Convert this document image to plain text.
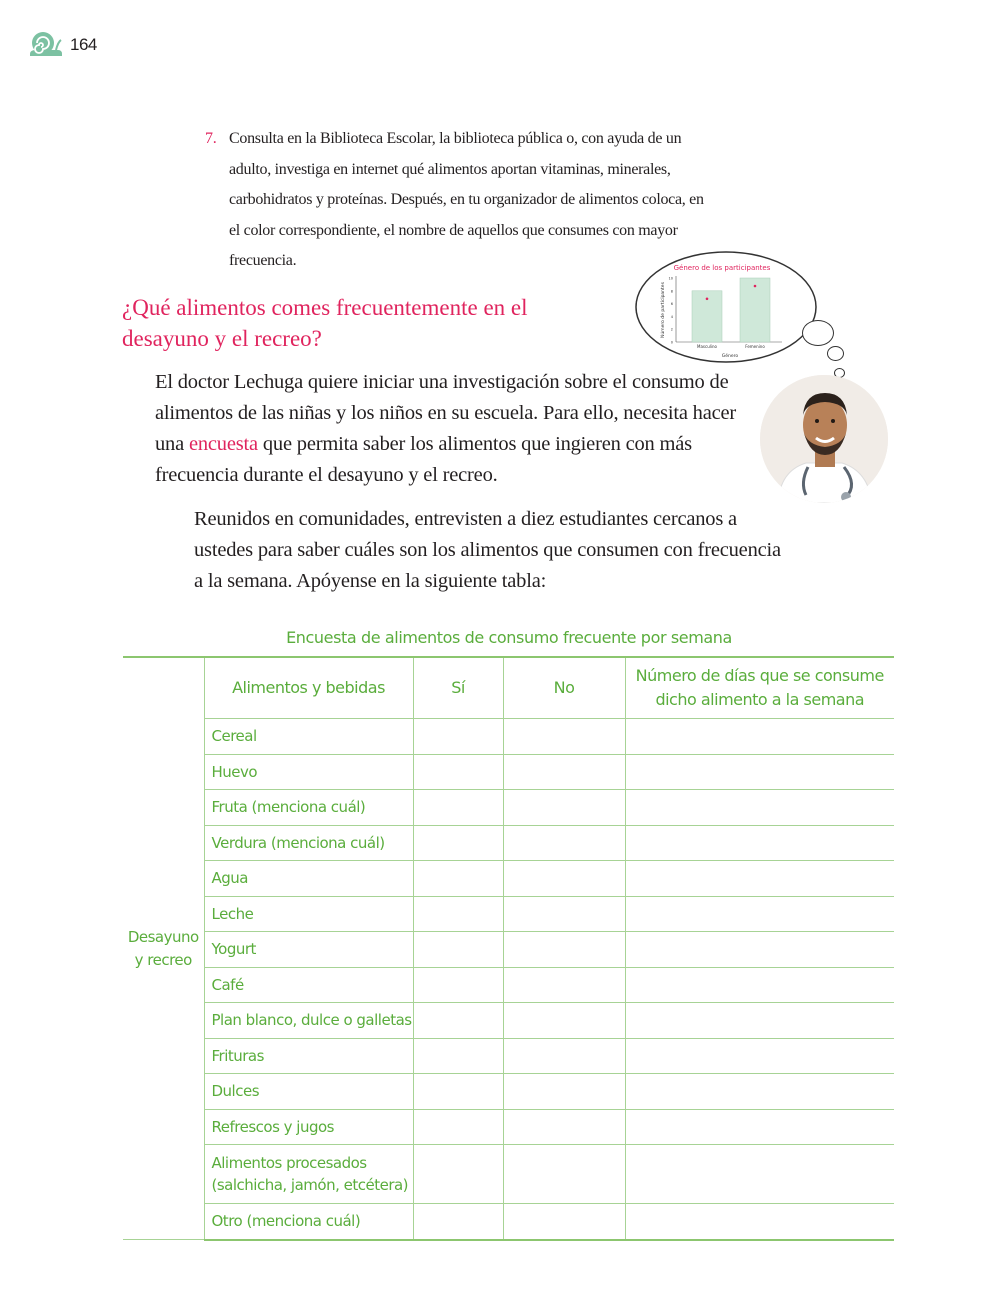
164
7. Consulta en la Biblioteca Escolar, la biblioteca pública o, con ayuda de un adulto, investiga en internet qué alimentos aportan vitaminas, minerales, carbohidratos y proteínas. Después, en tu organizador de alimentos coloca, en el color correspondiente, el nombre de aquellos que consumes con mayor frecuencia.	Género de los participantes
Número de participantes
0
2
4
6
8
10
Masculino	Femenino
Género
¿Qué alimentos comes frecuentemente en el desayuno y el recreo?

El doctor Lechuga quiere iniciar una investigación sobre el consumo de alimentos de las niñas y los niños en su escuela. Para ello, necesita hacer una encuesta que permita saber los alimentos que ingieren con más frecuencia durante el desayuno y el recreo.

Reunidos en comunidades, entrevisten a diez estudiantes cercanos a ustedes para saber cuáles son los alimentos que consumen con frecuencia a la semana. Apóyense en la siguiente tabla:

Encuesta de alimentos de consumo frecuente por semana
Desayuno y recreo	Alimentos y bebidas	Sí	No	Número de días que se consume dicho alimento a la semana
	Cereal			
	Huevo			
	Fruta (menciona cuál)			
	Verdura (menciona cuál)			
	Agua			
	Leche			
	Yogurt			
	Café			
	Plan blanco, dulce o galletas			
	Frituras			
	Dulces			
	Refrescos y jugos			
	Alimentos procesados (salchicha, jamón, etcétera)			
	Otro (menciona cuál)			
